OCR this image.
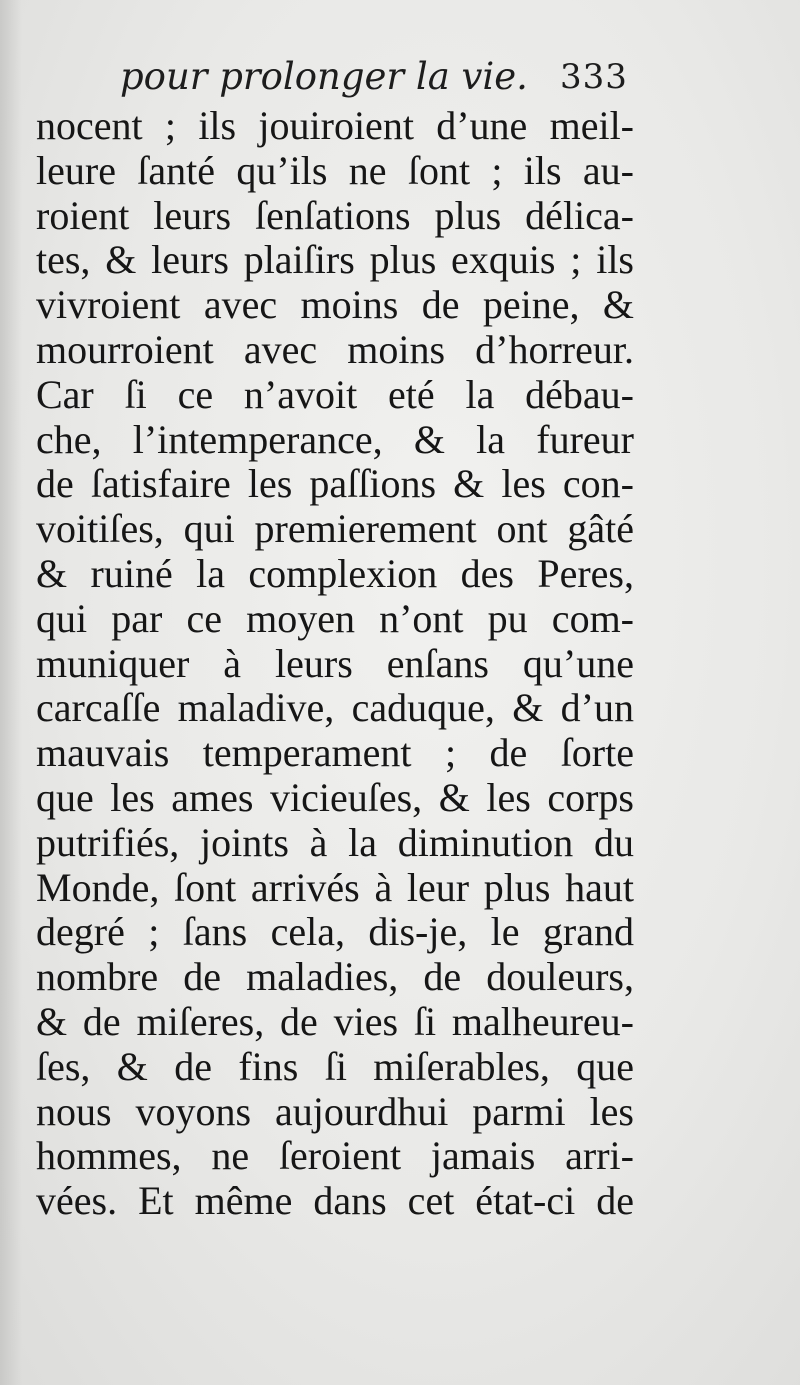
pour prolonger la vie. 333
nocent ; ils jouiroient d’une meil-
leure ſanté qu’ils ne ſont ; ils au-
roient leurs ſenſations plus délica-
tes, & leurs plaiſirs plus exquis ; ils
vivroient avec moins de peine, &
mourroient avec moins d’horreur.
Car ſi ce n’avoit eté la débau-
che, l’intemperance, & la fureur
de ſatisfaire les paſſions & les con-
voitiſes, qui premierement ont gâté
& ruiné la complexion des Peres,
qui par ce moyen n’ont pu com-
muniquer à leurs enſans qu’une
carcaſſe maladive, caduque, & d’un
mauvais temperament ; de ſorte
que les ames vicieuſes, & les corps
putrifiés, joints à la diminution du
Monde, ſont arrivés à leur plus haut
degré ; ſans cela, dis-je, le grand
nombre de maladies, de douleurs,
& de miſeres, de vies ſi malheureu-
ſes, & de fins ſi miſerables, que
nous voyons aujourdhui parmi les
hommes, ne ſeroient jamais arri-
vées. Et même dans cet état-ci de
